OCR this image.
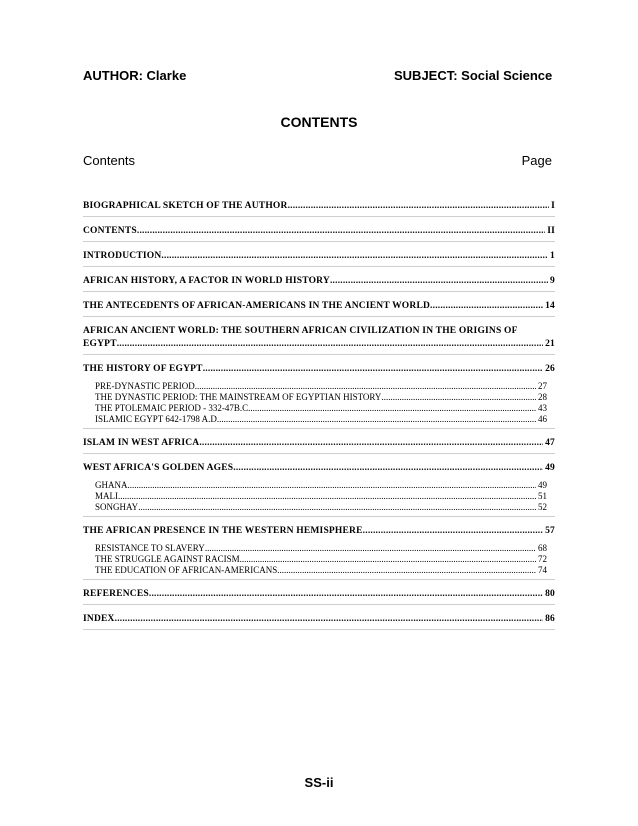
AUTHOR: Clarke	SUBJECT: Social Science
CONTENTS
Contents	Page
BIOGRAPHICAL SKETCH OF THE AUTHOR .....	I
CONTENTS .....	II
INTRODUCTION .....	1
AFRICAN HISTORY, A FACTOR IN WORLD HISTORY .....	9
THE ANTECEDENTS OF AFRICAN-AMERICANS IN THE ANCIENT WORLD .....	14
AFRICAN ANCIENT WORLD: THE SOUTHERN AFRICAN CIVILIZATION IN THE ORIGINS OF
EGYPT .....	21
THE HISTORY OF EGYPT .....	26
PRE-DYNASTIC PERIOD .....	27
THE DYNASTIC PERIOD: THE MAINSTREAM OF EGYPTIAN HISTORY .....	28
THE PTOLEMAIC PERIOD - 332-47B.C. .....	43
ISLAMIC EGYPT 642-1798 A.D. .....	46
ISLAM IN WEST AFRICA .....	47
WEST AFRICA'S GOLDEN AGES .....	49
GHANA .....	49
MALI .....	51
SONGHAY .....	52
THE AFRICAN PRESENCE IN THE WESTERN HEMISPHERE .....	57
RESISTANCE TO SLAVERY .....	68
THE STRUGGLE AGAINST RACISM .....	72
THE EDUCATION OF AFRICAN-AMERICANS .....	74
REFERENCES .....	80
INDEX .....	86
SS-ii
